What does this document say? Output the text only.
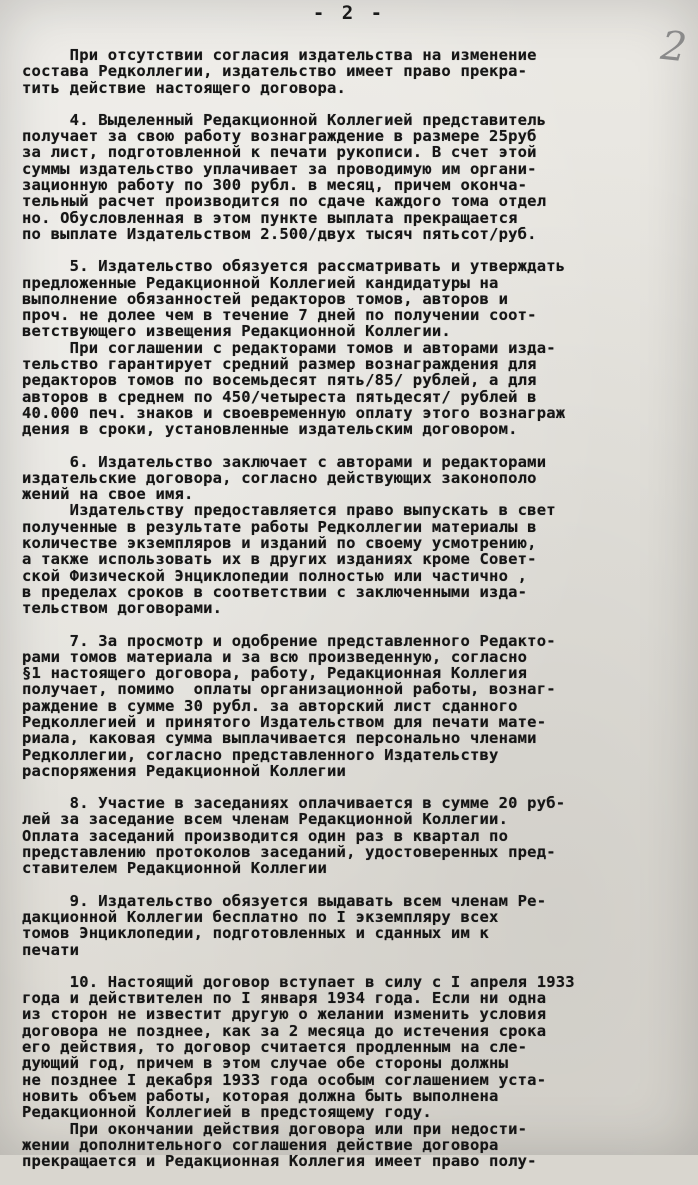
- 2 -
2
При отсутствии согласия издательства на изменение
состава Редколлегии, издательство имеет право прекра-
тить действие настоящего договора.
4. Выделенный Редакционной Коллегией представитель
получает за свою работу вознаграждение в размере 25руб
за лист, подготовленной к печати рукописи. В счет этой
суммы издательство уплачивает за проводимую им органи-
зационную работу по 300 рубл. в месяц, причем оконча-
тельный расчет производится по сдаче каждого тома отдел
но. Обусловленная в этом пункте выплата прекращается
по выплате Издательством 2.500/двух тысяч пятьсот/руб.
5. Издательство обязуется рассматривать и утверждать
предложенные Редакционной Коллегией кандидатуры на
выполнение обязанностей редакторов томов, авторов и
проч. не долее чем в течение 7 дней по получении соот-
ветствующего извещения Редакционной Коллегии.
При соглашении с редакторами томов и авторами изда-
тельство гарантирует средний размер вознаграждения для
редакторов томов по восемьдесят пять/85/ рублей, а для
авторов в среднем по 450/четыреста пятьдесят/ рублей в
40.000 печ. знаков и своевременную оплату этого вознаграж
дения в сроки, установленные издательским договором.
6. Издательство заключает с авторами и редакторами
издательские договора, согласно действующих законополо
жений на свое имя.
Издательству предоставляется право выпускать в свет
полученные в результате работы Редколлегии материалы в
количестве экземпляров и изданий по своему усмотрению,
а также использовать их в других изданиях кроме Совет-
ской Физической Энциклопедии полностью или частично ,
в пределах сроков в соответствии с заключенными изда-
тельством договорами.
7. За просмотр и одобрение представленного Редакто-
рами томов материала и за всю произведенную, согласно
§1 настоящего договора, работу, Редакционная Коллегия
получает, помимо  оплаты организационной работы, вознаг-
раждение в сумме 30 рубл. за авторский лист сданного
Редколлегией и принятого Издательством для печати мате-
риала, каковая сумма выплачивается персонально членами
Редколлегии, согласно представленного Издательству
распоряжения Редакционной Коллегии
8. Участие в заседаниях оплачивается в сумме 20 руб-
лей за заседание всем членам Редакционной Коллегии.
Оплата заседаний производится один раз в квартал по
представлению протоколов заседаний, удостоверенных пред-
ставителем Редакционной Коллегии
9. Издательство обязуется выдавать всем членам Ре-
дакционной Коллегии бесплатно по I экземпляру всех
томов Энциклопедии, подготовленных и сданных им к
печати
10. Настоящий договор вступает в силу с I апреля 1933
года и действителен по I января 1934 года. Если ни одна
из сторон не известит другую о желании изменить условия
договора не позднее, как за 2 месяца до истечения срока
его действия, то договор считается продленным на сле-
дующий год, причем в этом случае обе стороны должны
не позднее I декабря 1933 года особым соглашением уста-
новить объем работы, которая должна быть выполнена
Редакционной Коллегией в предстоящему году.
При окончании действия договора или при недости-
жении дополнительного соглашения действие договора
прекращается и Редакционная Коллегия имеет право полу-
